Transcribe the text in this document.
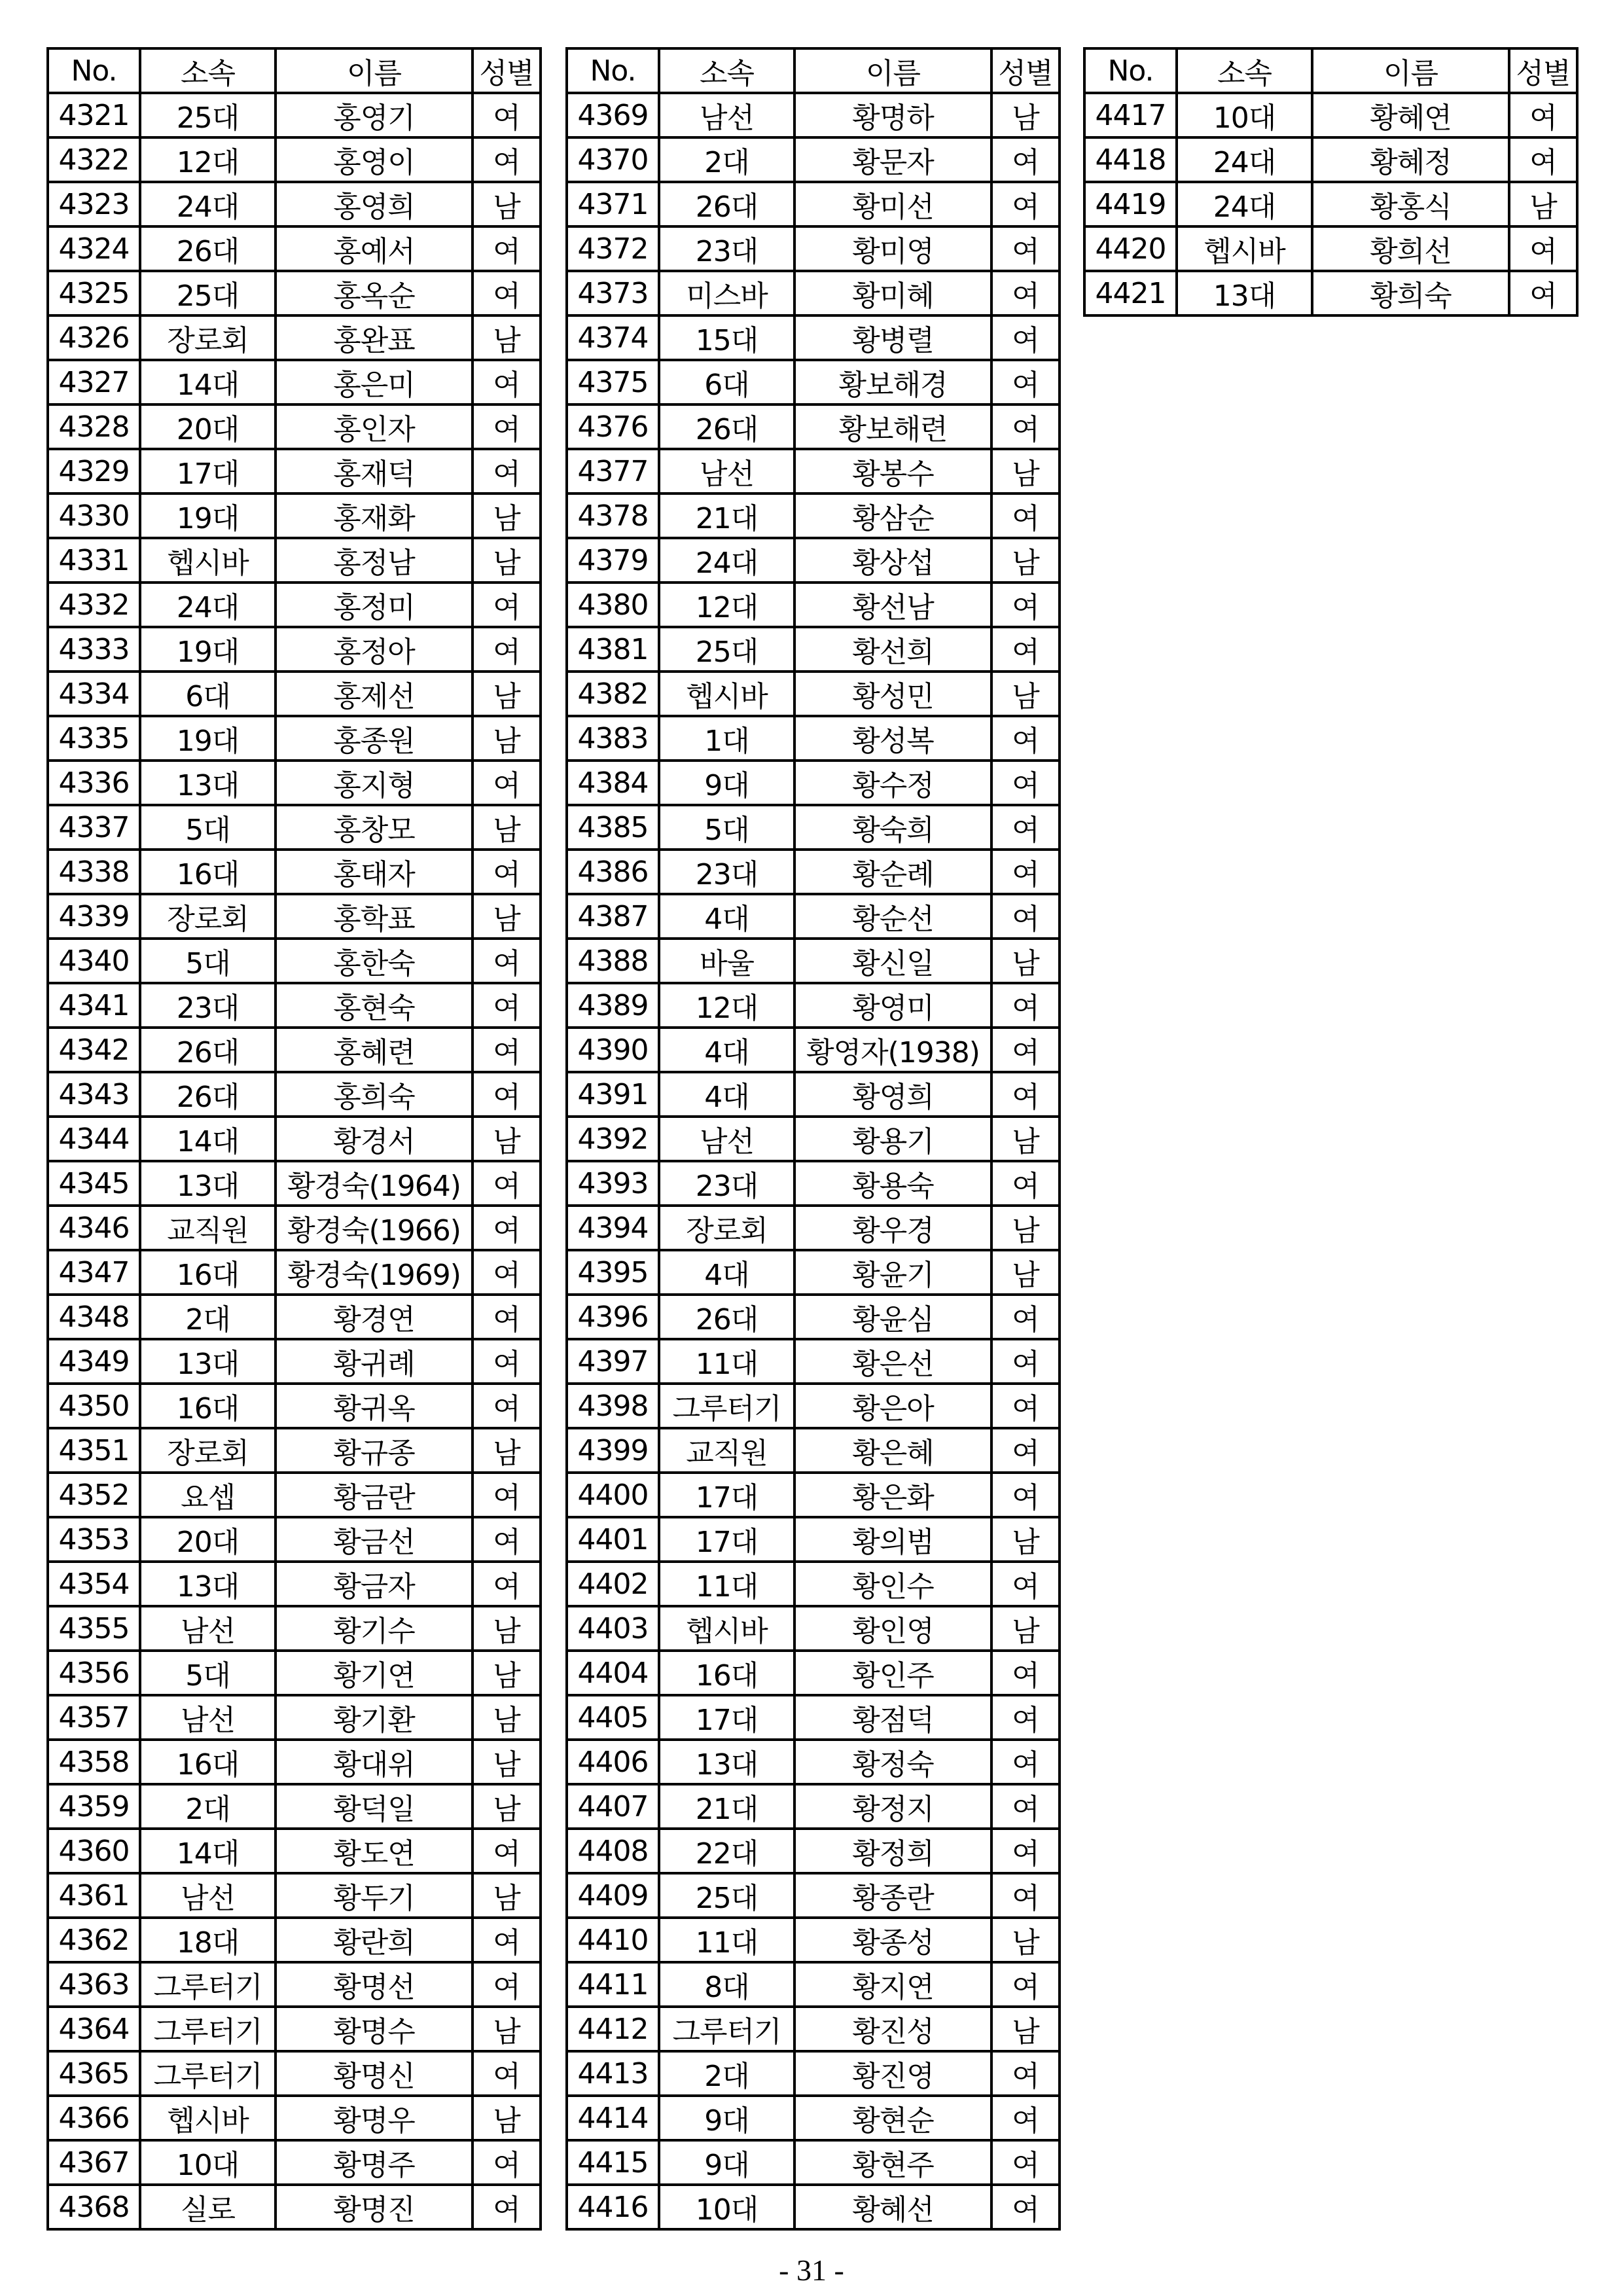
No.	소속	이름	성별
4321	25대	홍영기	여
4322	12대	홍영이	여
4323	24대	홍영희	남
4324	26대	홍예서	여
4325	25대	홍옥순	여
4326	장로회	홍완표	남
4327	14대	홍은미	여
4328	20대	홍인자	여
4329	17대	홍재덕	여
4330	19대	홍재화	남
4331	헵시바	홍정남	남
4332	24대	홍정미	여
4333	19대	홍정아	여
4334	6대	홍제선	남
4335	19대	홍종원	남
4336	13대	홍지형	여
4337	5대	홍창모	남
4338	16대	홍태자	여
4339	장로회	홍학표	남
4340	5대	홍한숙	여
4341	23대	홍현숙	여
4342	26대	홍혜련	여
4343	26대	홍희숙	여
4344	14대	황경서	남
4345	13대	황경숙(1964)	여
4346	교직원	황경숙(1966)	여
4347	16대	황경숙(1969)	여
4348	2대	황경연	여
4349	13대	황귀례	여
4350	16대	황귀옥	여
4351	장로회	황규종	남
4352	요셉	황금란	여
4353	20대	황금선	여
4354	13대	황금자	여
4355	남선	황기수	남
4356	5대	황기연	남
4357	남선	황기환	남
4358	16대	황대위	남
4359	2대	황덕일	남
4360	14대	황도연	여
4361	남선	황두기	남
4362	18대	황란희	여
4363	그루터기	황명선	여
4364	그루터기	황명수	남
4365	그루터기	황명신	여
4366	헵시바	황명우	남
4367	10대	황명주	여
4368	실로	황명진	여
No.	소속	이름	성별
4369	남선	황명하	남
4370	2대	황문자	여
4371	26대	황미선	여
4372	23대	황미영	여
4373	미스바	황미혜	여
4374	15대	황병렬	여
4375	6대	황보해경	여
4376	26대	황보해련	여
4377	남선	황봉수	남
4378	21대	황삼순	여
4379	24대	황상섭	남
4380	12대	황선남	여
4381	25대	황선희	여
4382	헵시바	황성민	남
4383	1대	황성복	여
4384	9대	황수정	여
4385	5대	황숙희	여
4386	23대	황순례	여
4387	4대	황순선	여
4388	바울	황신일	남
4389	12대	황영미	여
4390	4대	황영자(1938)	여
4391	4대	황영희	여
4392	남선	황용기	남
4393	23대	황용숙	여
4394	장로회	황우경	남
4395	4대	황윤기	남
4396	26대	황윤심	여
4397	11대	황은선	여
4398	그루터기	황은아	여
4399	교직원	황은혜	여
4400	17대	황은화	여
4401	17대	황의범	남
4402	11대	황인수	여
4403	헵시바	황인영	남
4404	16대	황인주	여
4405	17대	황점덕	여
4406	13대	황정숙	여
4407	21대	황정지	여
4408	22대	황정희	여
4409	25대	황종란	여
4410	11대	황종성	남
4411	8대	황지연	여
4412	그루터기	황진성	남
4413	2대	황진영	여
4414	9대	황현순	여
4415	9대	황현주	여
4416	10대	황혜선	여
No.	소속	이름	성별
4417	10대	황혜연	여
4418	24대	황혜정	여
4419	24대	황홍식	남
4420	헵시바	황희선	여
4421	13대	황희숙	여
- 31 -
